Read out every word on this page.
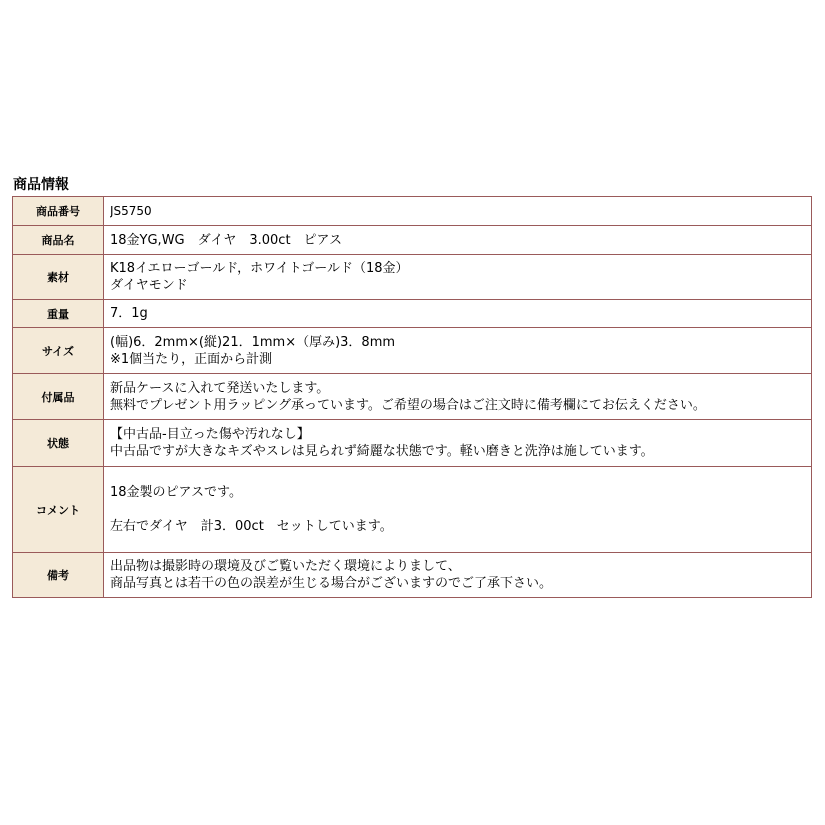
商品情報
商品番号	JS5750

商品名	18金YG,WG　ダイヤ　3.00ct　ピアス

素材	K18イエローゴールド，ホワイトゴールド（18金）
ダイヤモンド

重量	7．1g

サイズ	(幅)6．2mm×(縦)21．1mm×（厚み)3．8mm
※1個当たり，正面から計測

付属品	新品ケースに入れて発送いたします。
無料でプレゼント用ラッピング承っています。ご希望の場合はご注文時に備考欄にてお伝えください。

状態	【中古品-目立った傷や汚れなし】
中古品ですが大きなキズやスレは見られず綺麗な状態です。軽い磨きと洗浄は施しています。

コメント	18金製のピアスです。
左右でダイヤ　計3．00ct　セットしています。

備考	出品物は撮影時の環境及びご覧いただく環境によりまして、
商品写真とは若干の色の誤差が生じる場合がございますのでご了承下さい。
